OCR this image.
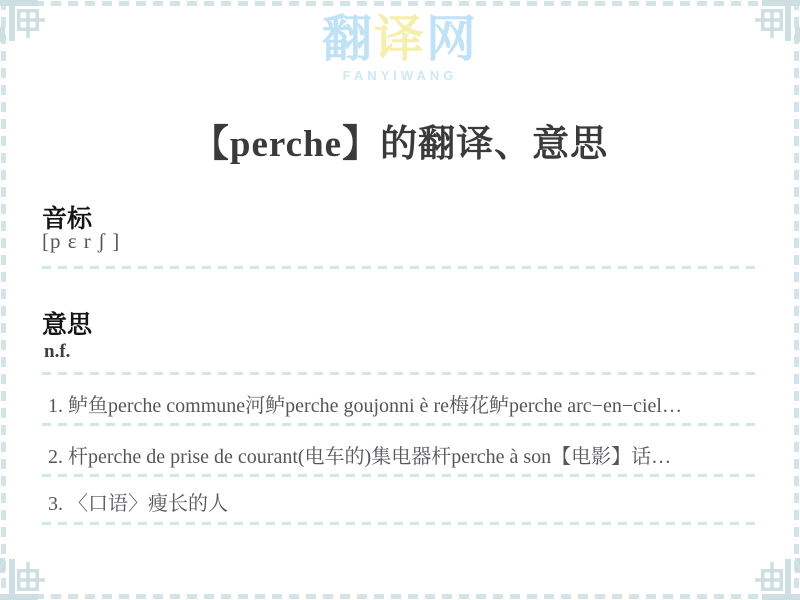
翻译网
FANYIWANG
【perche】的翻译、意思
音标
[p ɛ r ʃ ]
意思
n.f.
1. 鲈鱼perche commune河鲈perche goujonni è re梅花鲈perche arc−en−ciel…
2. 杆perche de prise de courant(电车的)集电器杆perche à son【电影】话…
3. 〈口语〉瘦长的人
